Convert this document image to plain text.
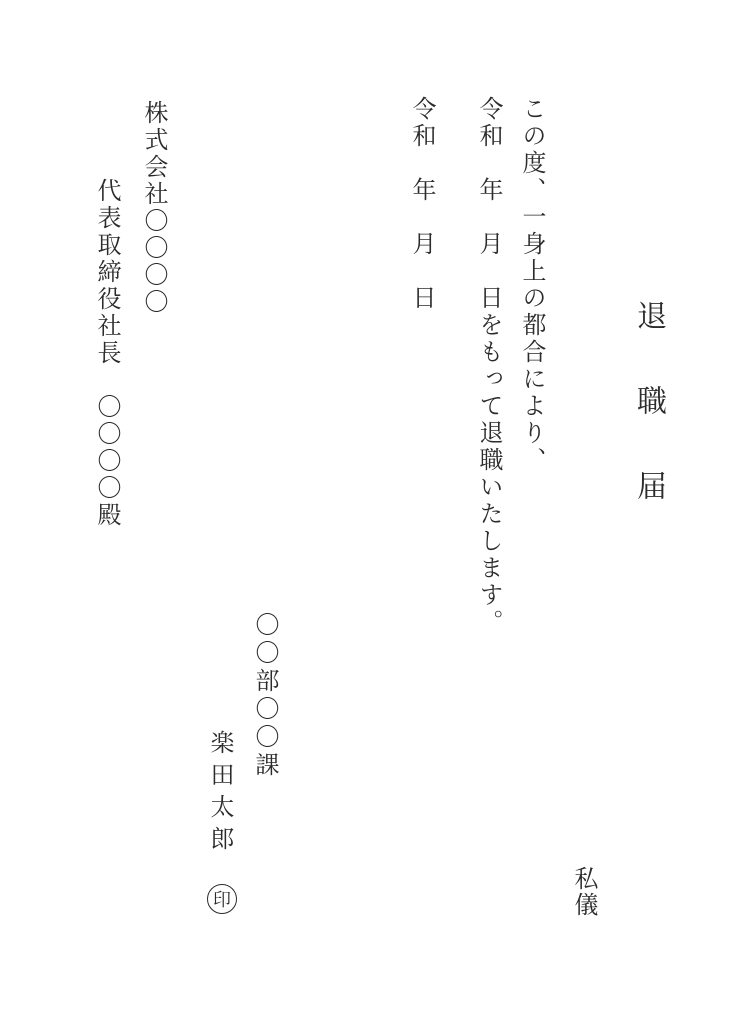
退 職 届
私儀
この度、一身上の都合により、
令和　年　月　日をもって退職いたします。
令和　年　月　日
〇〇部〇〇課
楽田太郎
印
株式会社〇〇〇〇
代表取締役社長　〇〇〇〇殿
